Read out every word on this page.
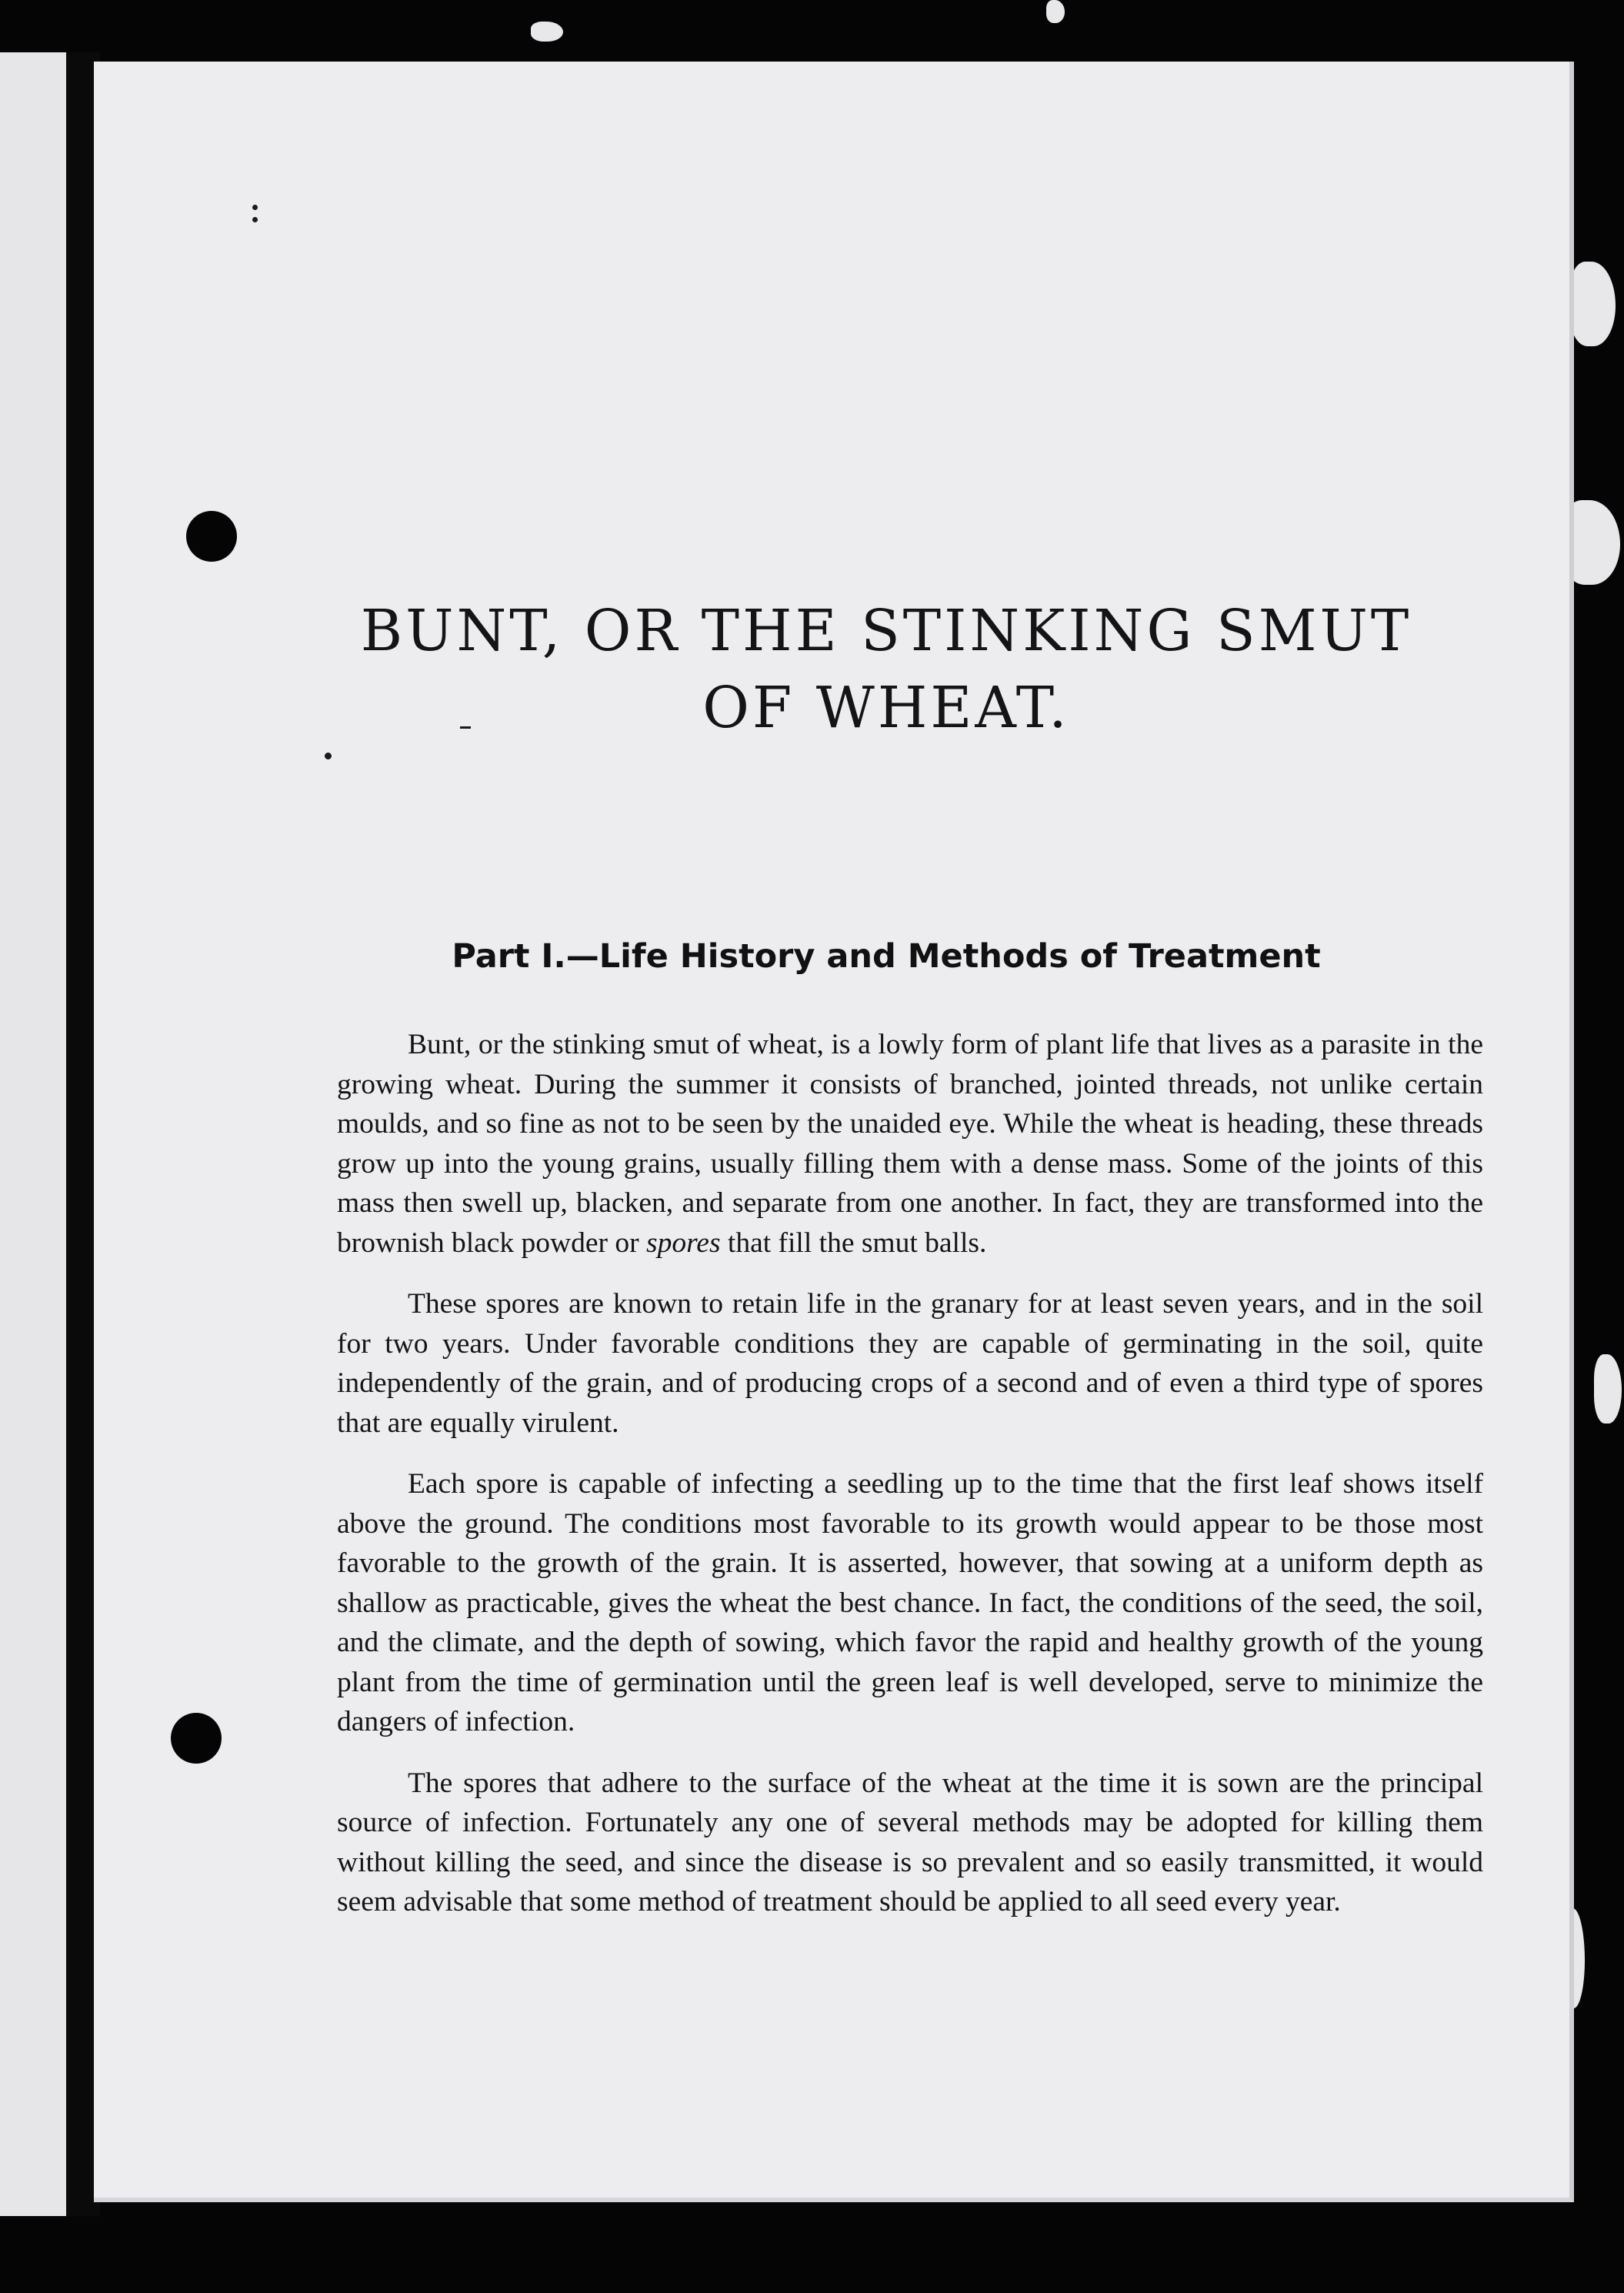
BUNT, OR THE STINKING SMUT
OF WHEAT.
Part I.—Life History and Methods of Treatment

Bunt, or the stinking smut of wheat, is a lowly form of plant life that lives as a parasite in the growing wheat. During the summer it consists of branched, jointed threads, not unlike certain moulds, and so fine as not to be seen by the unaided eye. While the wheat is heading, these threads grow up into the young grains, usually filling them with a dense mass. Some of the joints of this mass then swell up, blacken, and separate from one another. In fact, they are transformed into the brownish black powder or spores that fill the smut balls.

These spores are known to retain life in the granary for at least seven years, and in the soil for two years. Under favorable conditions they are capable of germinating in the soil, quite independently of the grain, and of producing crops of a second and of even a third type of spores that are equally virulent.

Each spore is capable of infecting a seedling up to the time that the first leaf shows itself above the ground. The conditions most favorable to its growth would appear to be those most favorable to the growth of the grain. It is asserted, however, that sowing at a uniform depth as shallow as practicable, gives the wheat the best chance. In fact, the conditions of the seed, the soil, and the climate, and the depth of sowing, which favor the rapid and healthy growth of the young plant from the time of germination until the green leaf is well developed, serve to minimize the dangers of infection.

The spores that adhere to the surface of the wheat at the time it is sown are the principal source of infection. Fortunately any one of several methods may be adopted for killing them without killing the seed, and since the disease is so prevalent and so easily transmitted, it would seem advisable that some method of treatment should be applied to all seed every year.
